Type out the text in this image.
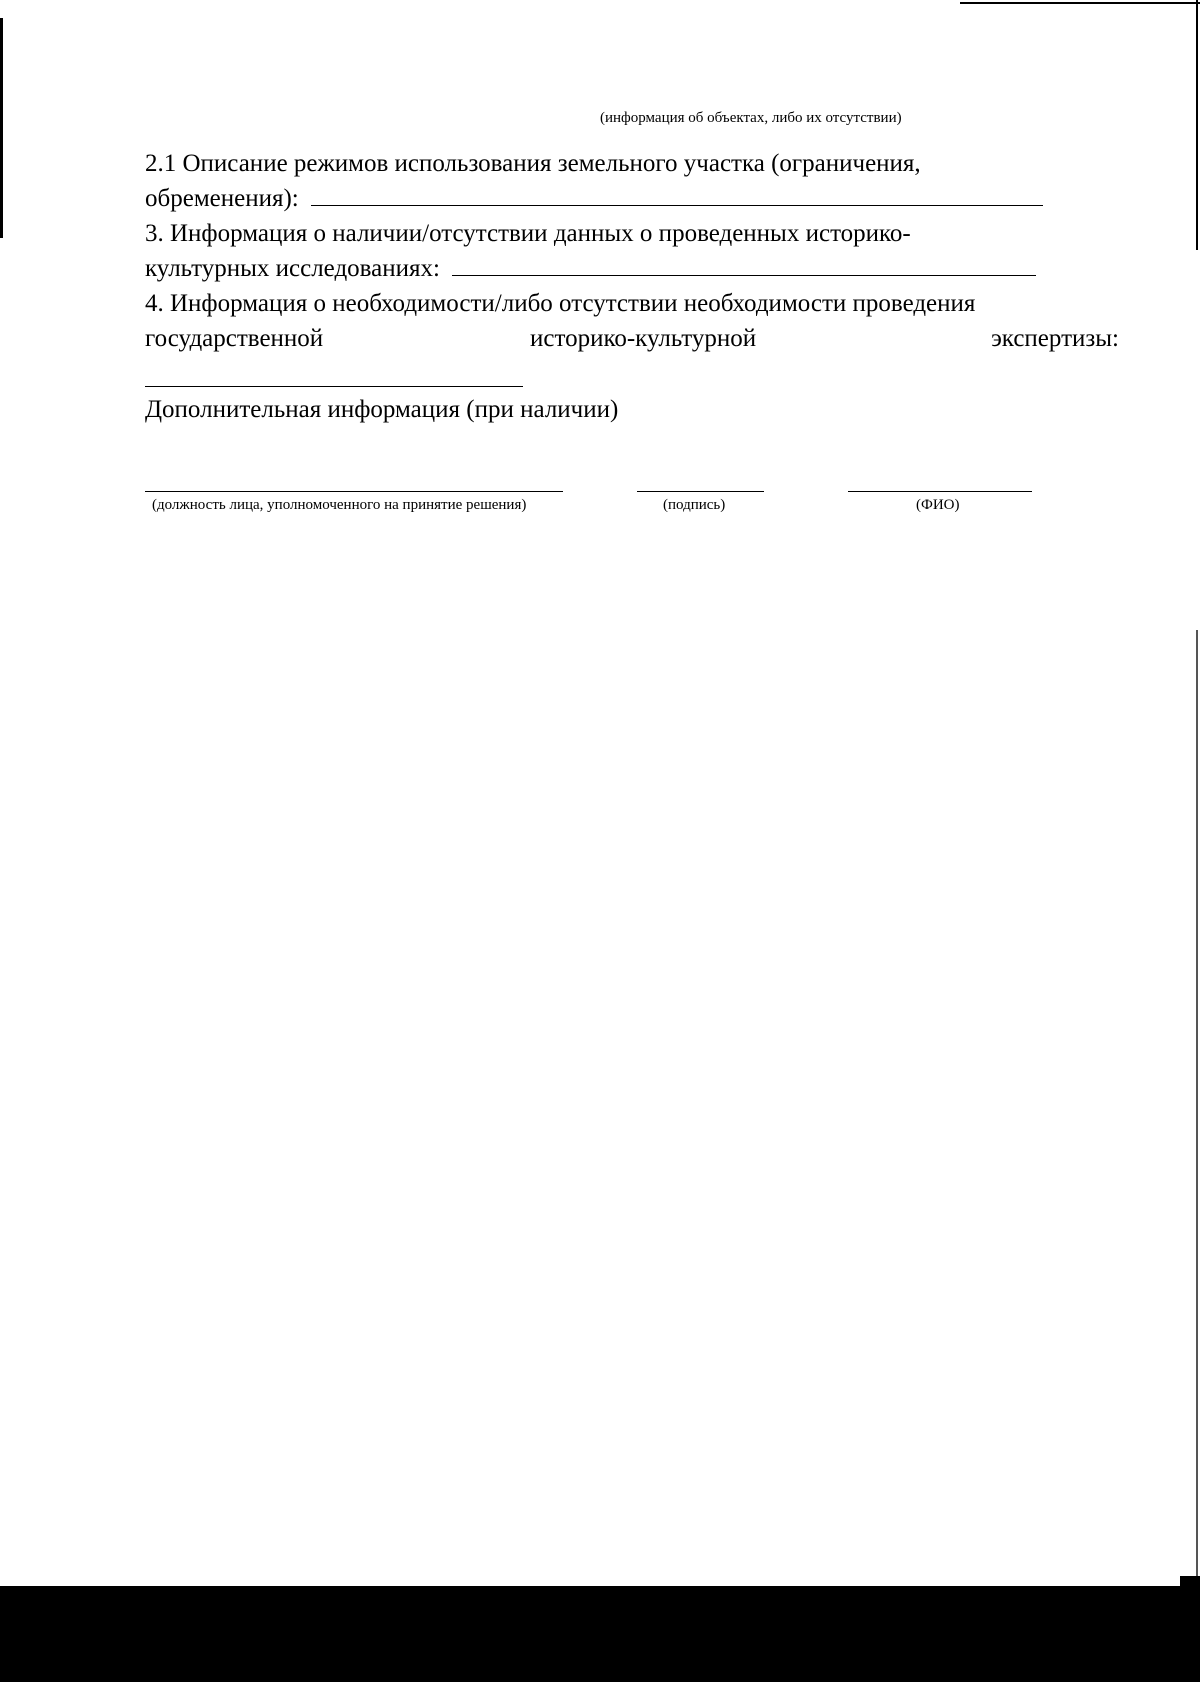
(информация об объектах, либо их отсутствии)
2.1 Описание режимов использования земельного участка (ограничения,
обременения):
3. Информация о наличии/отсутствии данных о проведенных историко-
культурных исследованиях:
4. Информация о необходимости/либо отсутствии необходимости проведения
государственной	историко-культурной	экспертизы:
Дополнительная информация (при наличии)
(должность лица, уполномоченного на принятие решения)	(подпись)	(ФИО)
